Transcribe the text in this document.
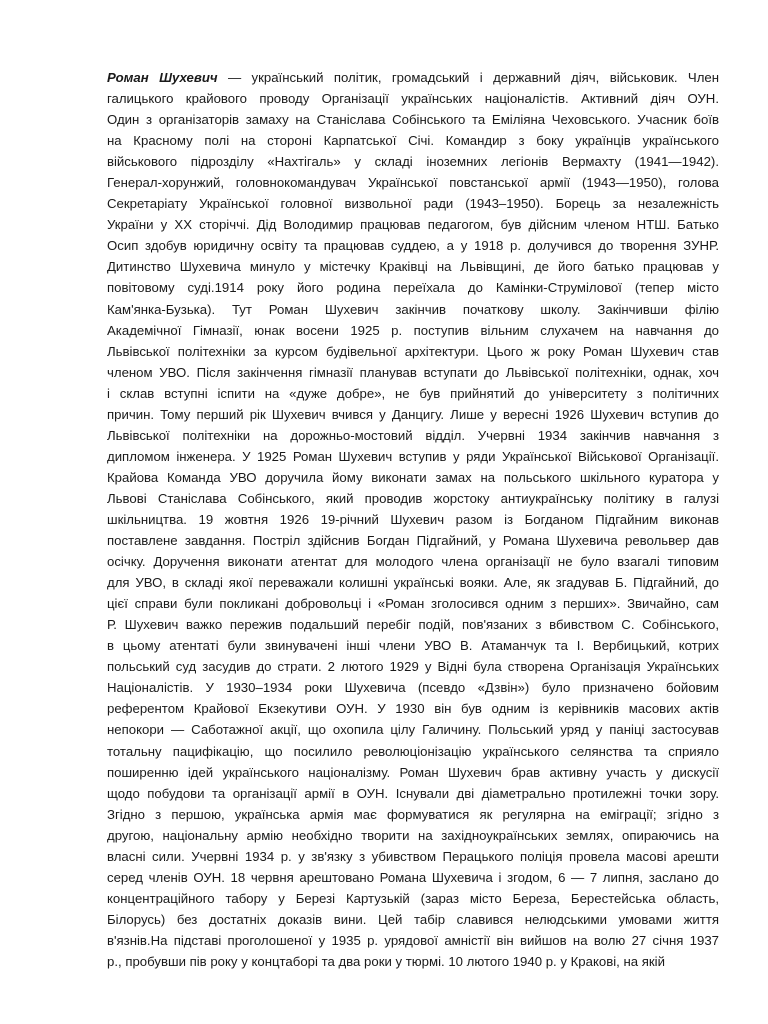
Роман Шухевич — український політик, громадський і державний діяч, військовик. Член
галицького крайового проводу Організації українських націоналістів. Активний діяч ОУН.
Один з організаторів замаху на Станіслава Собінського та Еміліяна Чеховського. Учасник боїв
на Красному полі на стороні Карпатської Січі. Командир з боку українців українського
військового підрозділу «Нахтігаль» у складі іноземних легіонів Вермахту (1941—1942).
Генерал-хорунжий, головнокомандувач Української повстанської армії (1943—1950), голова
Секретаріату Української головної визвольної ради (1943–1950). Борець за незалежність
України у XX сторіччі. Дід Володимир працював педагогом, був дійсним членом НТШ. Батько
Осип здобув юридичну освіту та працював суддею, а у 1918 р. долучився до творення ЗУНР.
Дитинство Шухевича минуло у містечку Краківці на Львівщині, де його батько працював у
повітовому суді.1914 року його родина переїхала до Камінки-Струмілової (тепер місто
Кам'янка-Бузька). Тут Роман Шухевич закінчив початкову школу. Закінчивши філію
Академічної Гімназії, юнак восени 1925 р. поступив вільним слухачем на навчання до
Львівської політехніки за курсом будівельної архітектури. Цього ж року Роман Шухевич став
членом УВО. Після закінчення гімназії планував вступати до Львівської політехніки, однак, хоч
і склав вступні іспити на «дуже добре», не був прийнятий до університету з політичних
причин. Тому перший рік Шухевич вчився у Данцигу. Лише у вересні 1926 Шухевич вступив до
Львівської політехніки на дорожньо-мостовий відділ. Учервні 1934 закінчив навчання з
дипломом інженера. У 1925 Роман Шухевич вступив у ряди Української Військової Організації.
Крайова Команда УВО доручила йому виконати замах на польського шкільного куратора у
Львові Станіслава Собінського, який проводив жорстоку антиукраїнську політику в галузі
шкільництва. 19 жовтня 1926 19-річний Шухевич разом із Богданом Підгайним виконав
поставлене завдання. Постріл здійснив Богдан Підгайний, у Романа Шухевича револьвер дав
осічку. Доручення виконати атентат для молодого члена організації не було взагалі типовим
для УВО, в складі якої переважали колишні українські вояки. Але, як згадував Б. Підгайний, до
цієї справи були покликані добровольці і «Роман зголосився одним з перших». Звичайно, сам
Р. Шухевич важко пережив подальший перебіг подій, пов'язаних з вбивством С. Собінського,
в цьому атентаті були звинувачені інші члени УВО В. Атаманчук та І. Вербицький, котрих
польський суд засудив до страти. 2 лютого 1929 у Відні була створена Організація Українських
Націоналістів. У 1930–1934 роки Шухевича (псевдо «Дзвін») було призначено бойовим
референтом Крайової Екзекутиви ОУН. У 1930 він був одним із керівників масових актів
непокори — Саботажної акції, що охопила цілу Галичину. Польський уряд у паніці застосував
тотальну пацифікацію, що посилило революціонізацію українського селянства та сприяло
поширенню ідей українського націоналізму. Роман Шухевич брав активну участь у дискусії
щодо побудови та організації армії в ОУН. Існували дві діаметрально протилежні точки зору.
Згідно з першою, українська армія має формуватися як регулярна на еміграції; згідно з
другою, національну армію необхідно творити на західноукраїнських землях, опираючись на
власні сили. Учервні 1934 р. у зв'язку з убивством Перацького поліція провела масові арешти
серед членів ОУН. 18 червня арештовано Романа Шухевича і згодом, 6 — 7 липня, заслано до
концентраційного табору у Березі Картузькій (зараз місто Береза, Берестейська область,
Білорусь) без достатніх доказів вини. Цей табір славився нелюдськими умовами життя
в'язнів.На підставі проголошеної у 1935 р. урядової амністії він вийшов на волю 27 січня 1937
р., пробувши пів року у концтаборі та два роки у тюрмі. 10 лютого 1940 р. у Кракові, на якій
